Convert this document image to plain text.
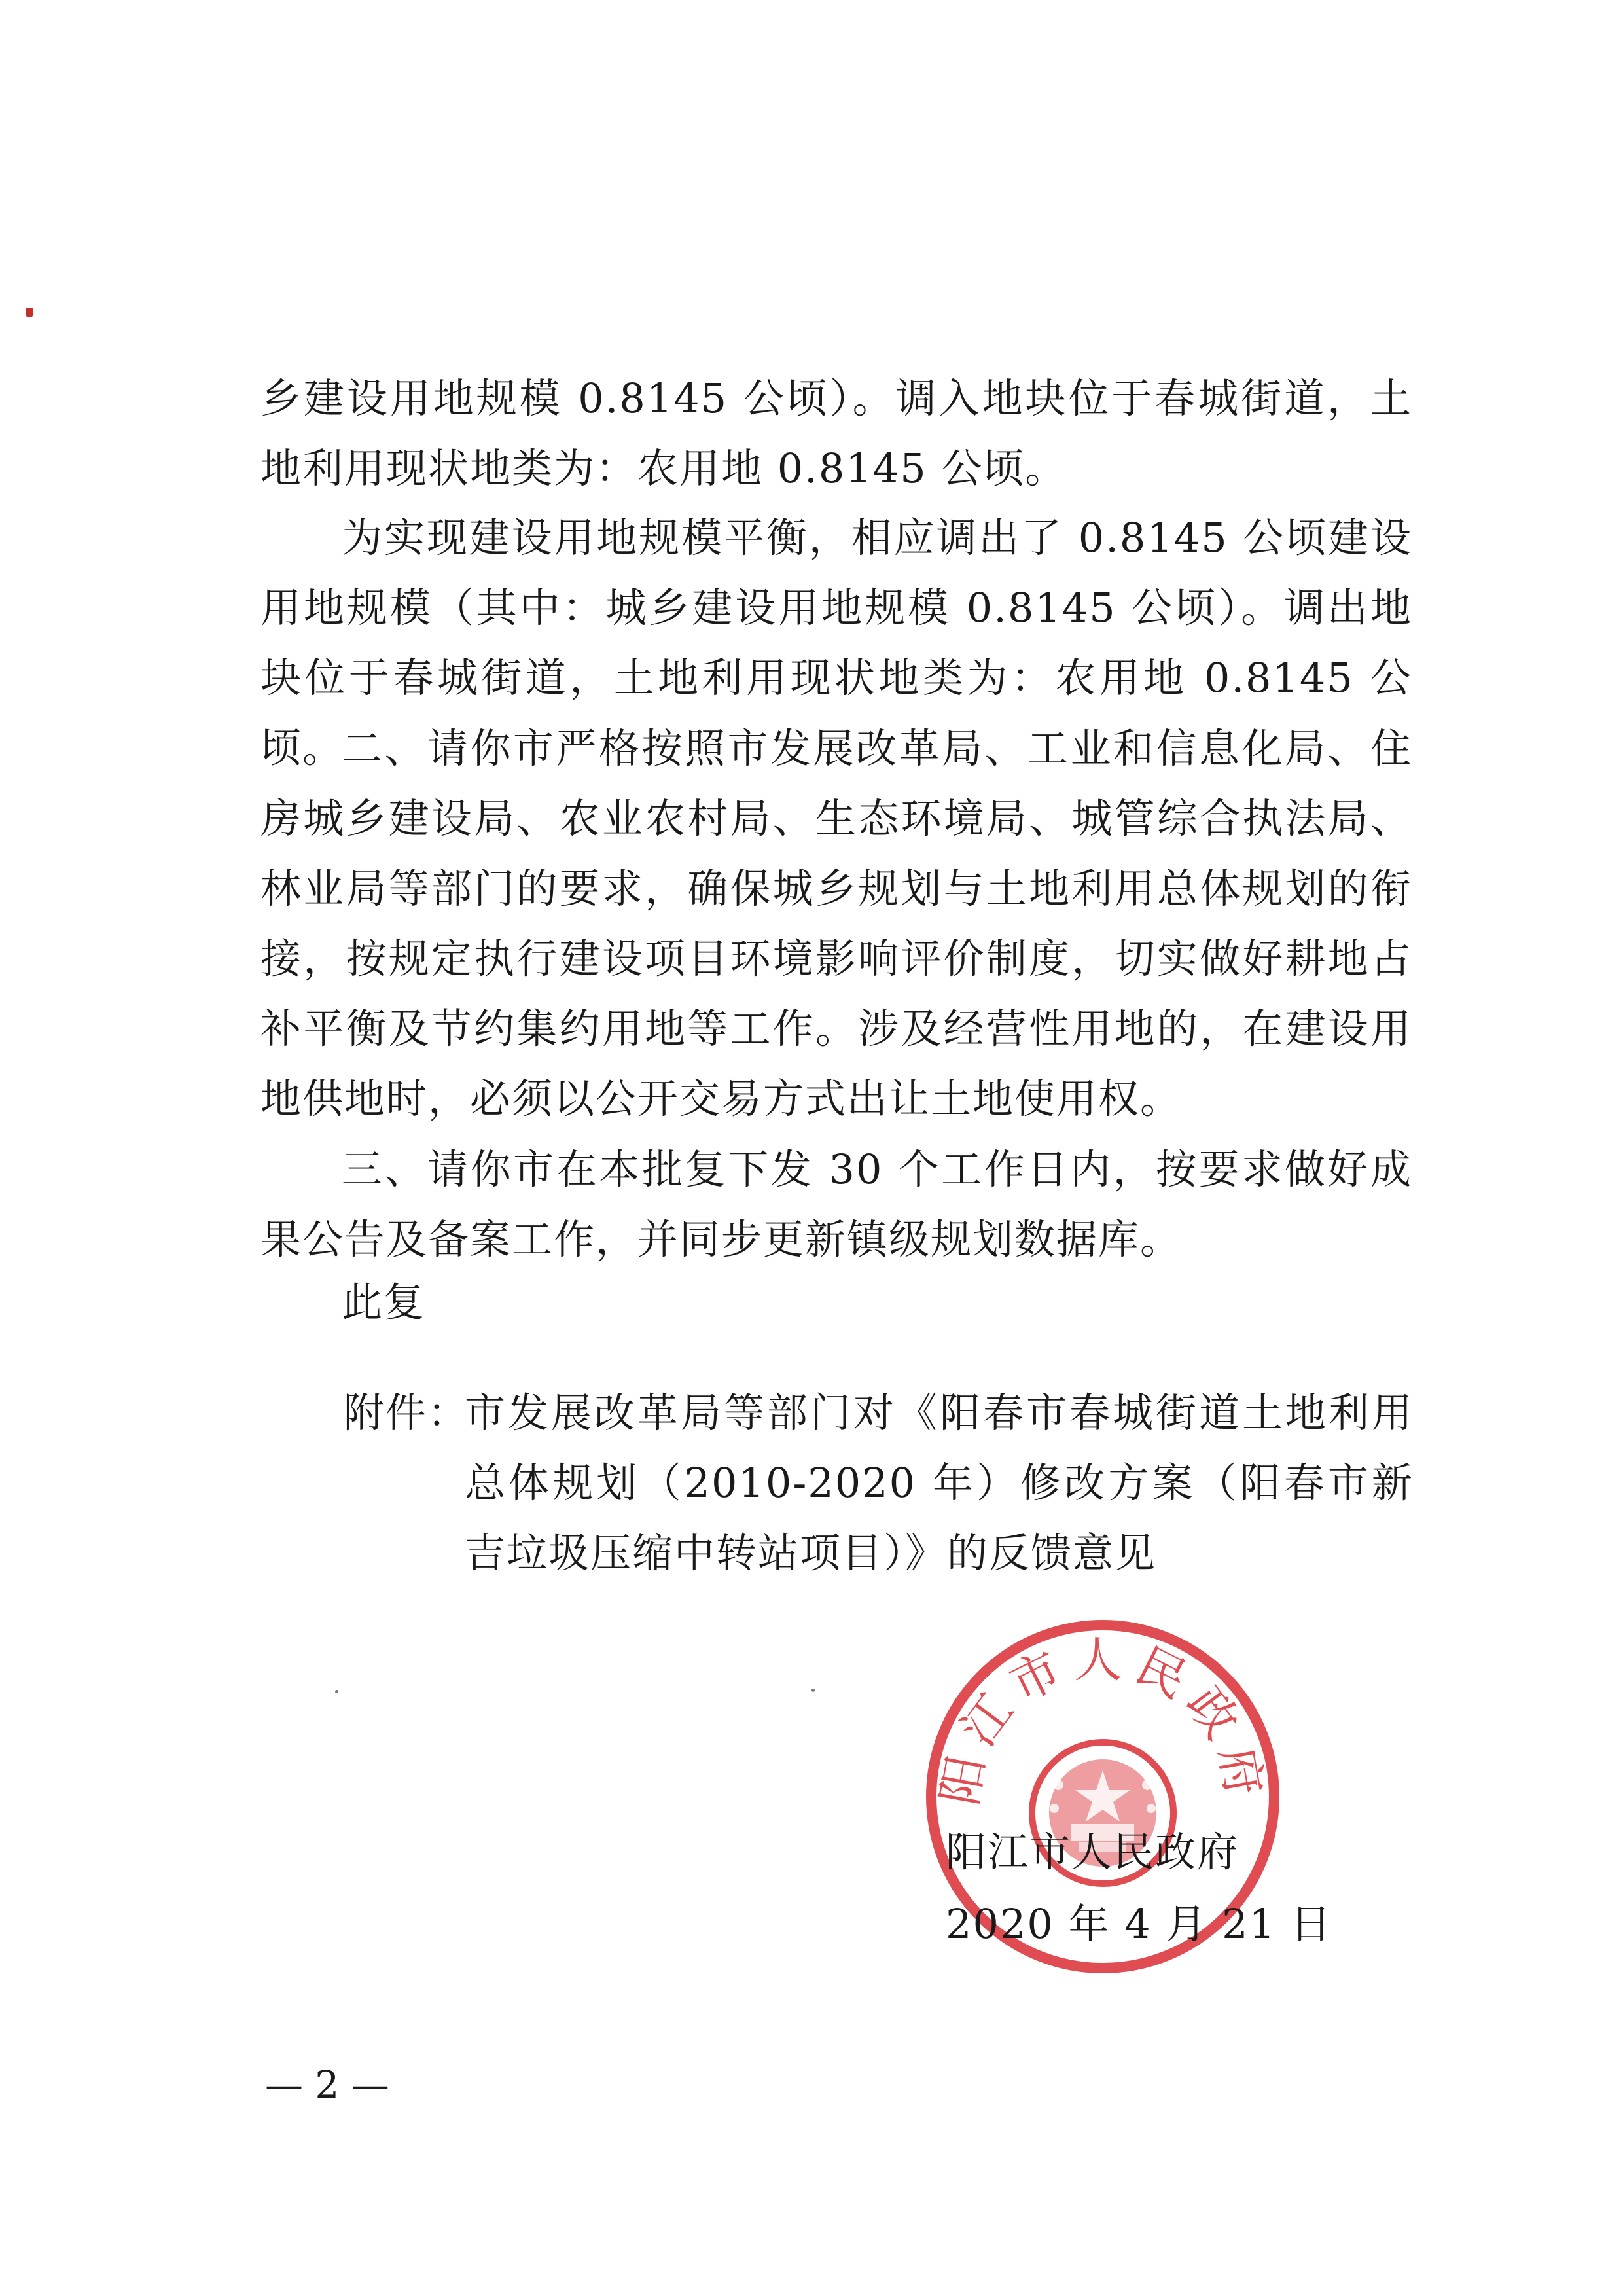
乡建设用地规模 0.8145 公顷）。调入地块位于春城街道，土地利用现状地类为：农用地 0.8145 公顷。

为实现建设用地规模平衡，相应调出了 0.8145 公顷建设用地规模（其中：城乡建设用地规模 0.8145 公顷）。调出地块位于春城街道，土地利用现状地类为：农用地 0.8145 公顷。

二、请你市严格按照市发展改革局、工业和信息化局、住房城乡建设局、农业农村局、生态环境局、城管综合执法局、林业局等部门的要求，确保城乡规划与土地利用总体规划的衔接，按规定执行建设项目环境影响评价制度，切实做好耕地占补平衡及节约集约用地等工作。涉及经营性用地的，在建设用地供地时，必须以公开交易方式出让土地使用权。

三、请你市在本批复下发 30 个工作日内，按要求做好成果公告及备案工作，并同步更新镇级规划数据库。

此复

附件：
市发展改革局等部门对《阳春市春城街道土地利用总体规划（2010-2020 年）修改方案（阳春市新吉垃圾压缩中转站项目）》的反馈意见
阳江市人民政府
阳江市人民政府
2020 年 4 月 21 日
— 2 —
